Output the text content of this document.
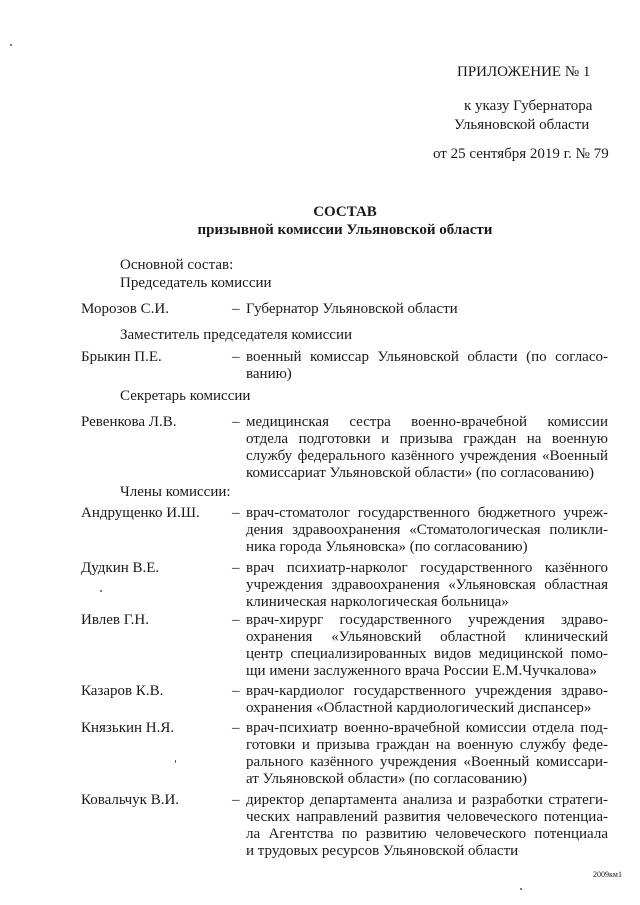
ПРИЛОЖЕНИЕ № 1
к указу Губернатора
Ульяновской области
от 25 сентября 2019 г. № 79
СОСТАВ
призывной комиссии Ульяновской области
Основной состав:
Председатель комиссии
Морозов С.И.	– Губернатор Ульяновской области
Заместитель председателя комиссии
Брыкин П.Е.	– военный комиссар Ульяновской области (по согласо-
ванию)
Секретарь комиссии
Ревенкова Л.В.	– медицинская сестра военно-врачебной комиссии
отдела подготовки и призыва граждан на военную
службу федерального казённого учреждения «Военный
комиссариат Ульяновской области» (по согласованию)
Члены комиссии:
Андрущенко И.Ш. – врач-стоматолог государственного бюджетного учреж-
дения здравоохранения «Стоматологическая поликли-
ника города Ульяновска» (по согласованию)
Дудкин В.Е.	– врач психиатр-нарколог государственного казённого
учреждения здравоохранения «Ульяновская областная
клиническая наркологическая больница»
Ивлев Г.Н.	– врач-хирург государственного учреждения здраво-
охранения «Ульяновский областной клинический
центр специализированных видов медицинской помо-
щи имени заслуженного врача России Е.М.Чучкалова»
Казаров К.В.	– врач-кардиолог государственного учреждения здраво-
охранения «Областной кардиологический диспансер»
Князькин Н.Я.	– врач-психиатр военно-врачебной комиссии отдела под-
готовки и призыва граждан на военную службу феде-
рального казённого учреждения «Военный комиссари-
ат Ульяновской области» (по согласованию)
Ковальчук В.И.	– директор департамента анализа и разработки стратеги-
ческих направлений развития человеческого потенциа-
ла Агентства по развитию человеческого потенциала
и трудовых ресурсов Ульяновской области
2009км1
